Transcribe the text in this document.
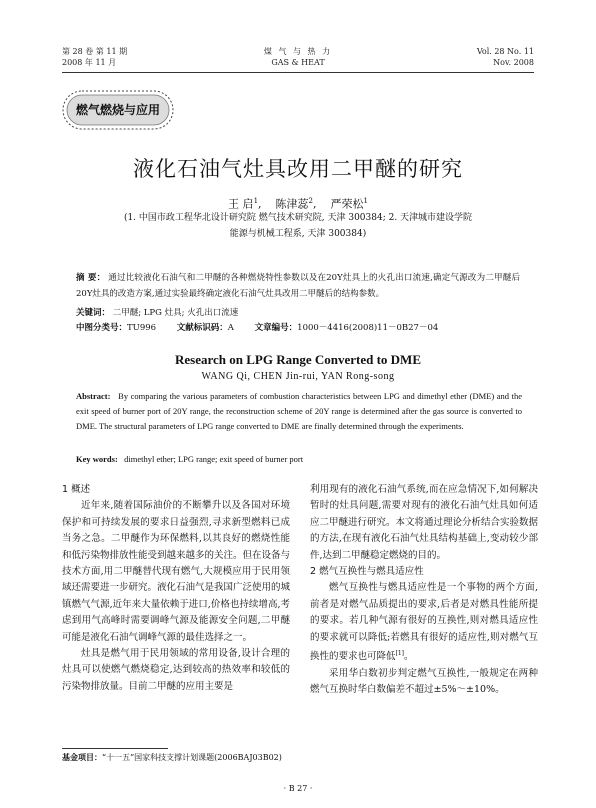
第 28 卷 第 11 期
2008 年 11 月
煤 气 与 热 力
GAS & HEAT
Vol. 28 No. 11
Nov. 2008
燃气燃烧与应用
液化石油气灶具改用二甲醚的研究
王 启$^1$,    陈津蕊$^2$,    严荣松$^1$
(1. 中国市政工程华北设计研究院 燃气技术研究院, 天津 300384; 2. 天津城市建设学院
能源与机械工程系, 天津 300384)
摘 要： 通过比较液化石油气和二甲醚的各种燃烧特性参数以及在20Y灶具上的火孔出口流速,确定气源改为二甲醚后20Y灶具的改造方案,通过实验最终确定液化石油气灶具改用二甲醚后的结构参数。
关键词： 二甲醚; LPG 灶具; 火孔出口流速
中图分类号：TU996 文献标识码：A 文章编号：1000－4416(2008)11－0B27－04
Research on LPG Range Converted to DME
WANG Qi, CHEN Jin-rui, YAN Rong-song
Abstract: By comparing the various parameters of combustion characteristics between LPG and dimethyl ether (DME) and the exit speed of burner port of 20Y range, the reconstruction scheme of 20Y range is determined after the gas source is converted to DME. The structural parameters of LPG range converted to DME are finally determined through the experiments.
Key words: dimethyl ether; LPG range; exit speed of burner port

1 概述

近年来,随着国际油价的不断攀升以及各国对环境保护和可持续发展的要求日益强烈,寻求新型燃料已成当务之急。二甲醚作为环保燃料,以其良好的燃烧性能和低污染物排放性能受到越来越多的关注。但在设备与技术方面,用二甲醚替代现有燃气,大规模应用于民用领域还需要进一步研究。液化石油气是我国广泛使用的城镇燃气气源,近年来大量依赖于进口,价格也持续增高,考虑到用气高峰时需要调峰气源及能源安全问题,二甲醚可能是液化石油气调峰气源的最佳选择之一。

灶具是燃气用于民用领域的常用设备,设计合理的灶具可以使燃气燃烧稳定,达到较高的热效率和较低的污染物排放量。目前二甲醚的应用主要是

利用现有的液化石油气系统,而在应急情况下,如何解决暂时的灶具问题,需要对现有的液化石油气灶具如何适应二甲醚进行研究。本文将通过理论分析结合实验数据的方法,在现有液化石油气灶具结构基础上,变动较少部件,达到二甲醚稳定燃烧的目的。

2 燃气互换性与燃具适应性

燃气互换性与燃具适应性是一个事物的两个方面,前者是对燃气品质提出的要求,后者是对燃具性能所提的要求。若几种气源有很好的互换性,则对燃具适应性的要求就可以降低;若燃具有很好的适应性,则对燃气互换性的要求也可降低[1]。

采用华白数初步判定燃气互换性,一般规定在两种燃气互换时华白数偏差不超过±5%～±10%。

基金项目：“十一五”国家科技支撑计划课题(2006BAJ03B02)
· B 27 ·
